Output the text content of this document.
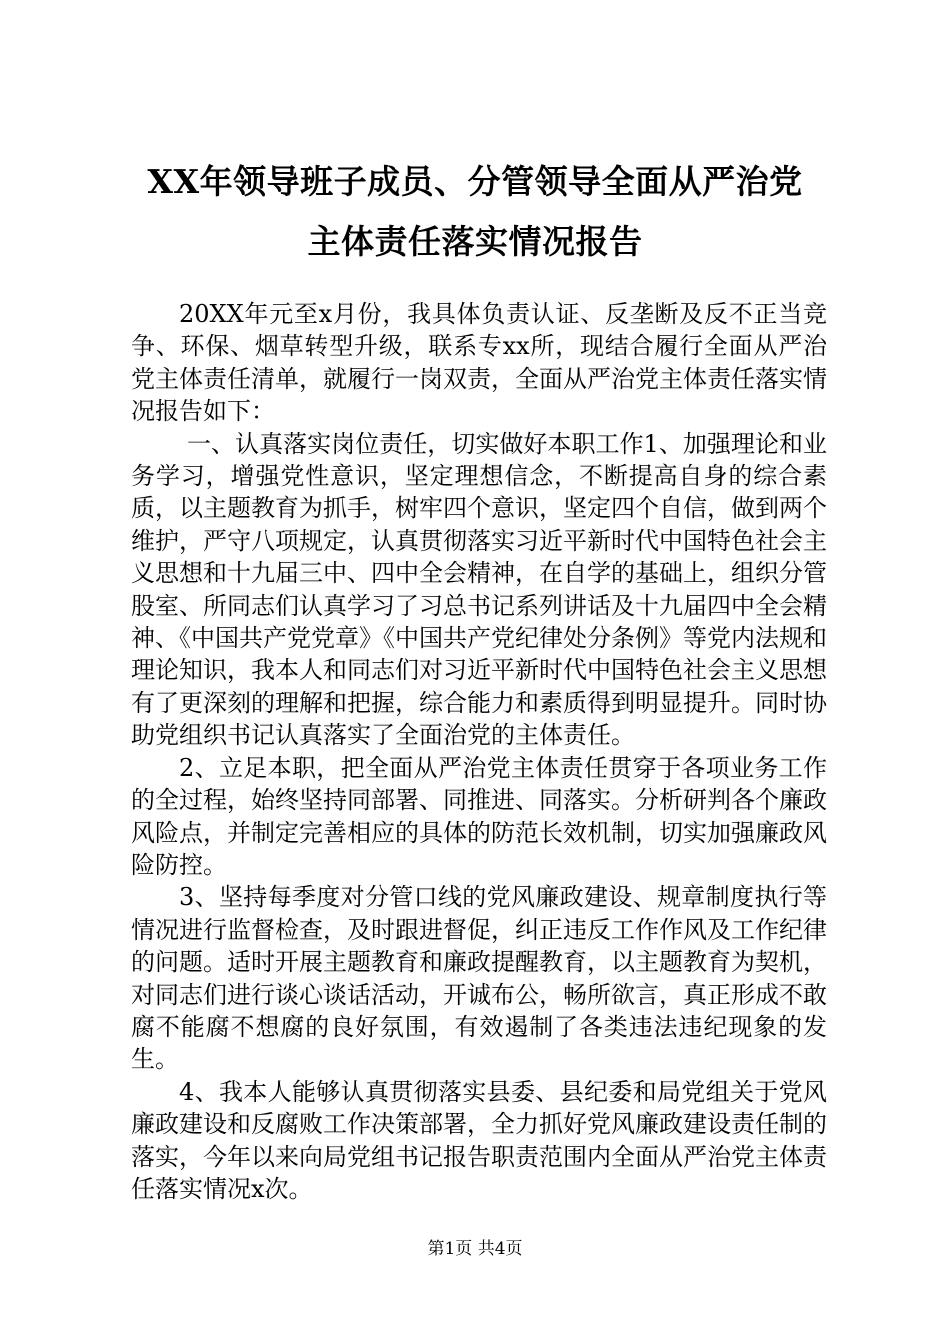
XX年领导班子成员、分管领导全面从严治党
主体责任落实情况报告

20XX年元至x月份，我具体负责认证、反垄断及反不正当竞争、环保、烟草转型升级，联系专xx所，现结合履行全面从严治党主体责任清单，就履行一岗双责，全面从严治党主体责任落实情况报告如下：

一、认真落实岗位责任，切实做好本职工作1、加强理论和业务学习，增强党性意识，坚定理想信念，不断提高自身的综合素质，以主题教育为抓手，树牢四个意识，坚定四个自信，做到两个维护，严守八项规定，认真贯彻落实习近平新时代中国特色社会主义思想和十九届三中、四中全会精神，在自学的基础上，组织分管股室、所同志们认真学习了习总书记系列讲话及十九届四中全会精神、《中国共产党党章》《中国共产党纪律处分条例》等党内法规和理论知识，我本人和同志们对习近平新时代中国特色社会主义思想有了更深刻的理解和把握，综合能力和素质得到明显提升。同时协助党组织书记认真落实了全面治党的主体责任。

2、立足本职，把全面从严治党主体责任贯穿于各项业务工作的全过程，始终坚持同部署、同推进、同落实。分析研判各个廉政风险点，并制定完善相应的具体的防范长效机制，切实加强廉政风险防控。

3、坚持每季度对分管口线的党风廉政建设、规章制度执行等情况进行监督检查，及时跟进督促，纠正违反工作作风及工作纪律的问题。适时开展主题教育和廉政提醒教育，以主题教育为契机，对同志们进行谈心谈话活动，开诚布公，畅所欲言，真正形成不敢腐不能腐不想腐的良好氛围，有效遏制了各类违法违纪现象的发生。

4、我本人能够认真贯彻落实县委、县纪委和局党组关于党风廉政建设和反腐败工作决策部署，全力抓好党风廉政建设责任制的落实，今年以来向局党组书记报告职责范围内全面从严治党主体责任落实情况x次。

第1页 共4页
